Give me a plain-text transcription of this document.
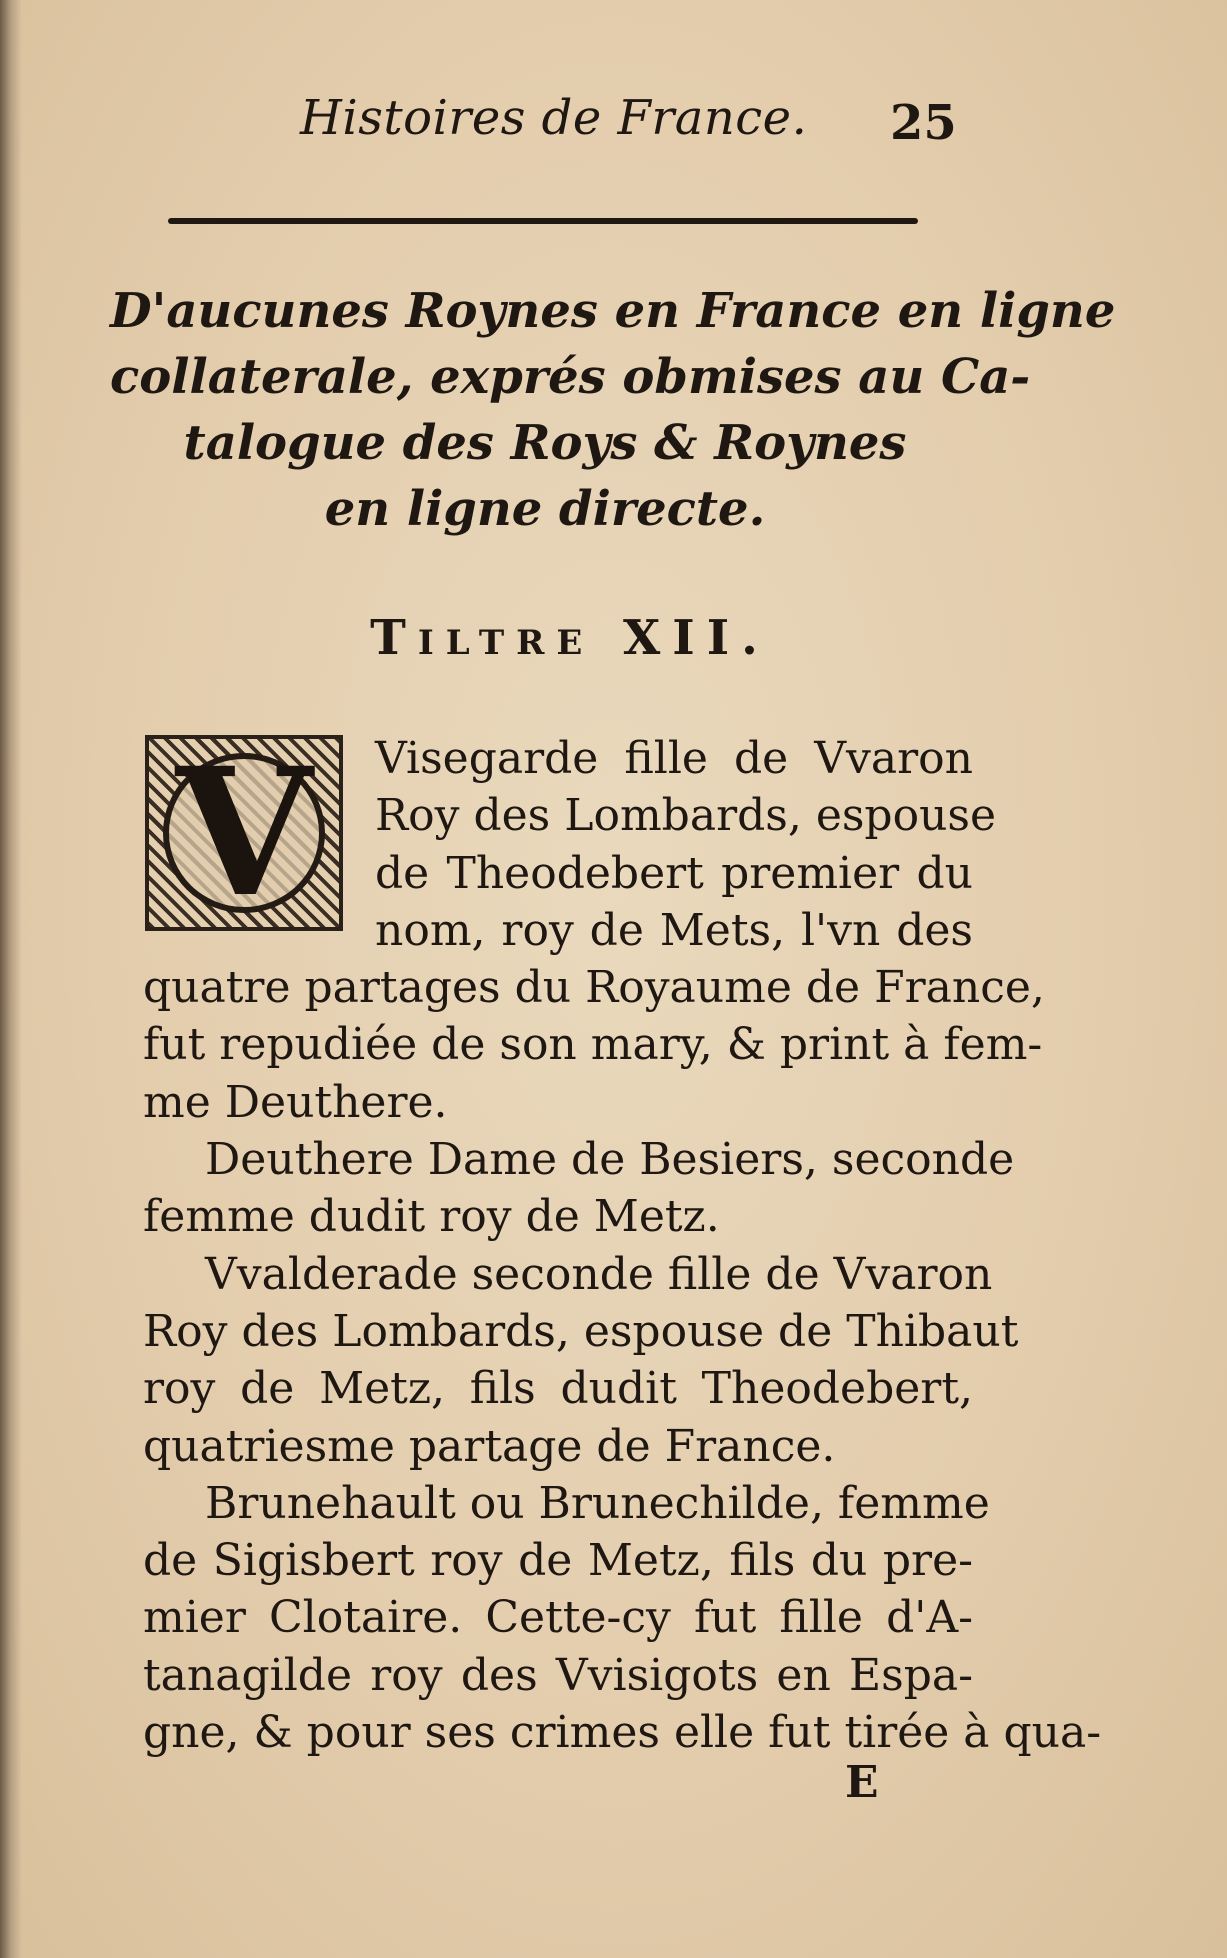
Histoires de France. 25
D'aucunes Roynes en France en ligne
collaterale, exprés obmises au Ca-
talogue des Roys & Roynes
en ligne directe.
Tiltre XII.
V	Visegarde fille de Vvaron
Roy des Lombards, espouse
de Theodebert premier du
nom, roy de Mets, l'vn des
quatre partages du Royaume de France,
fut repudiée de son mary, & print à fem-
me Deuthere.
Deuthere Dame de Besiers, seconde
femme dudit roy de Metz.
Vvalderade seconde fille de Vvaron
Roy des Lombards, espouse de Thibaut
roy de Metz, fils dudit Theodebert,
quatriesme partage de France.
Brunehault ou Brunechilde, femme
de Sigisbert roy de Metz, fils du pre-
mier Clotaire. Cette-cy fut fille d'A-
tanagilde roy des Vvisigots en Espa-
gne, & pour ses crimes elle fut tirée à qua-
E
